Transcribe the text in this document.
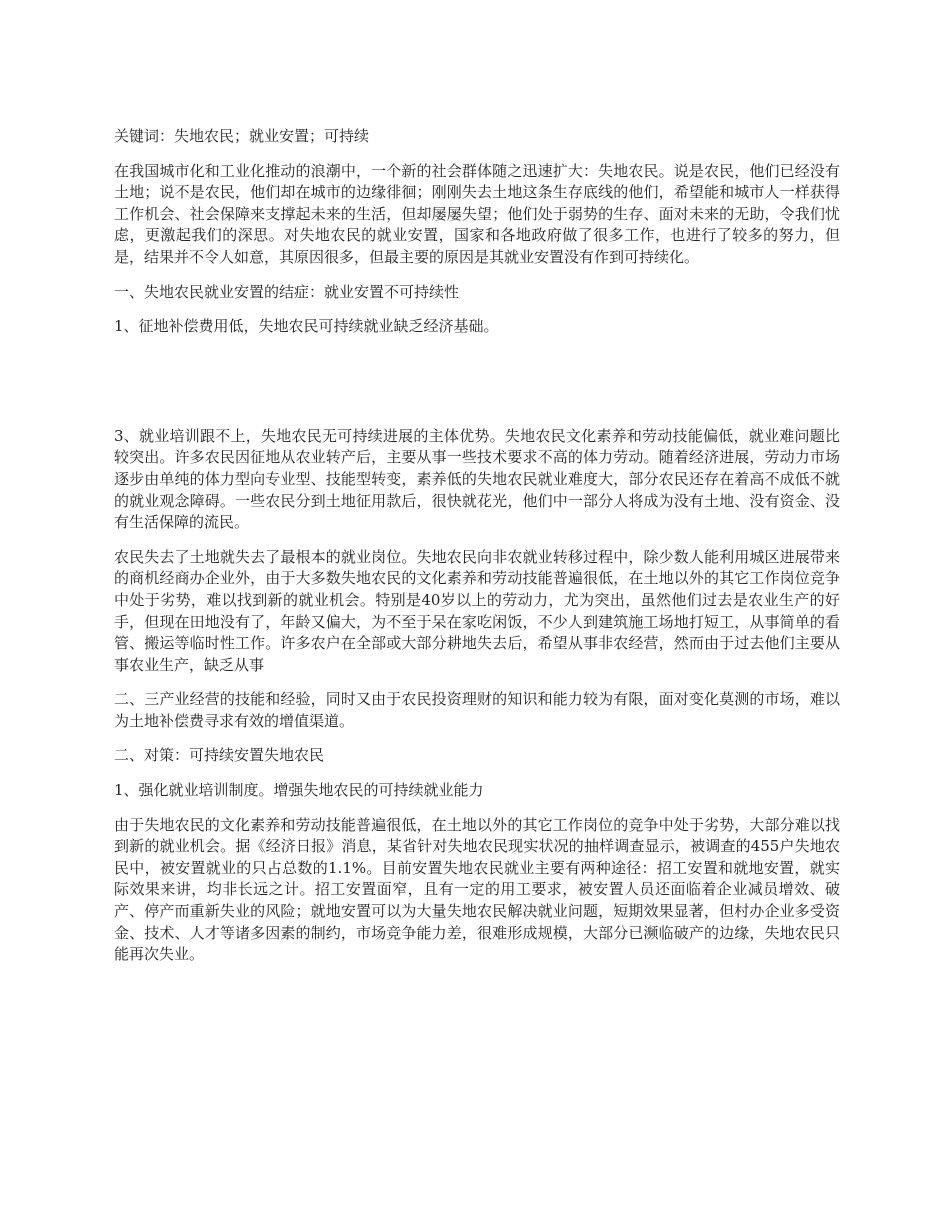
关键词：失地农民；就业安置；可持续

在我国城市化和工业化推动的浪潮中，一个新的社会群体随之迅速扩大：失地农民。说是农民，他们已经没有土地；说不是农民，他们却在城市的边缘徘徊；刚刚失去土地这条生存底线的他们，希望能和城市人一样获得工作机会、社会保障来支撑起未来的生活，但却屡屡失望；他们处于弱势的生存、面对未来的无助，令我们忧虑，更激起我们的深思。对失地农民的就业安置，国家和各地政府做了很多工作，也进行了较多的努力，但是，结果并不令人如意，其原因很多，但最主要的原因是其就业安置没有作到可持续化。

一、失地农民就业安置的结症：就业安置不可持续性

1、征地补偿费用低，失地农民可持续就业缺乏经济基础。

3、就业培训跟不上，失地农民无可持续进展的主体优势。失地农民文化素养和劳动技能偏低，就业难问题比较突出。许多农民因征地从农业转产后，主要从事一些技术要求不高的体力劳动。随着经济进展，劳动力市场逐步由单纯的体力型向专业型、技能型转变，素养低的失地农民就业难度大，部分农民还存在着高不成低不就的就业观念障碍。一些农民分到土地征用款后，很快就花光，他们中一部分人将成为没有土地、没有资金、没有生活保障的流民。

农民失去了土地就失去了最根本的就业岗位。失地农民向非农就业转移过程中，除少数人能利用城区进展带来的商机经商办企业外，由于大多数失地农民的文化素养和劳动技能普遍很低，在土地以外的其它工作岗位竞争中处于劣势，难以找到新的就业机会。特别是40岁以上的劳动力，尤为突出，虽然他们过去是农业生产的好手，但现在田地没有了，年龄又偏大，为不至于呆在家吃闲饭，不少人到建筑施工场地打短工，从事简单的看管、搬运等临时性工作。许多农户在全部或大部分耕地失去后，希望从事非农经营，然而由于过去他们主要从事农业生产，缺乏从事

二、三产业经营的技能和经验，同时又由于农民投资理财的知识和能力较为有限，面对变化莫测的市场，难以为土地补偿费寻求有效的增值渠道。

二、对策：可持续安置失地农民

1、强化就业培训制度。增强失地农民的可持续就业能力

由于失地农民的文化素养和劳动技能普遍很低，在土地以外的其它工作岗位的竞争中处于劣势，大部分难以找到新的就业机会。据《经济日报》消息，某省针对失地农民现实状况的抽样调查显示，被调查的455户失地农民中，被安置就业的只占总数的1.1%。目前安置失地农民就业主要有两种途径：招工安置和就地安置，就实际效果来讲，均非长远之计。招工安置面窄，且有一定的用工要求，被安置人员还面临着企业减员增效、破产、停产而重新失业的风险；就地安置可以为大量失地农民解决就业问题，短期效果显著，但村办企业多受资金、技术、人才等诸多因素的制约，市场竞争能力差，很难形成规模，大部分已濒临破产的边缘，失地农民只能再次失业。
